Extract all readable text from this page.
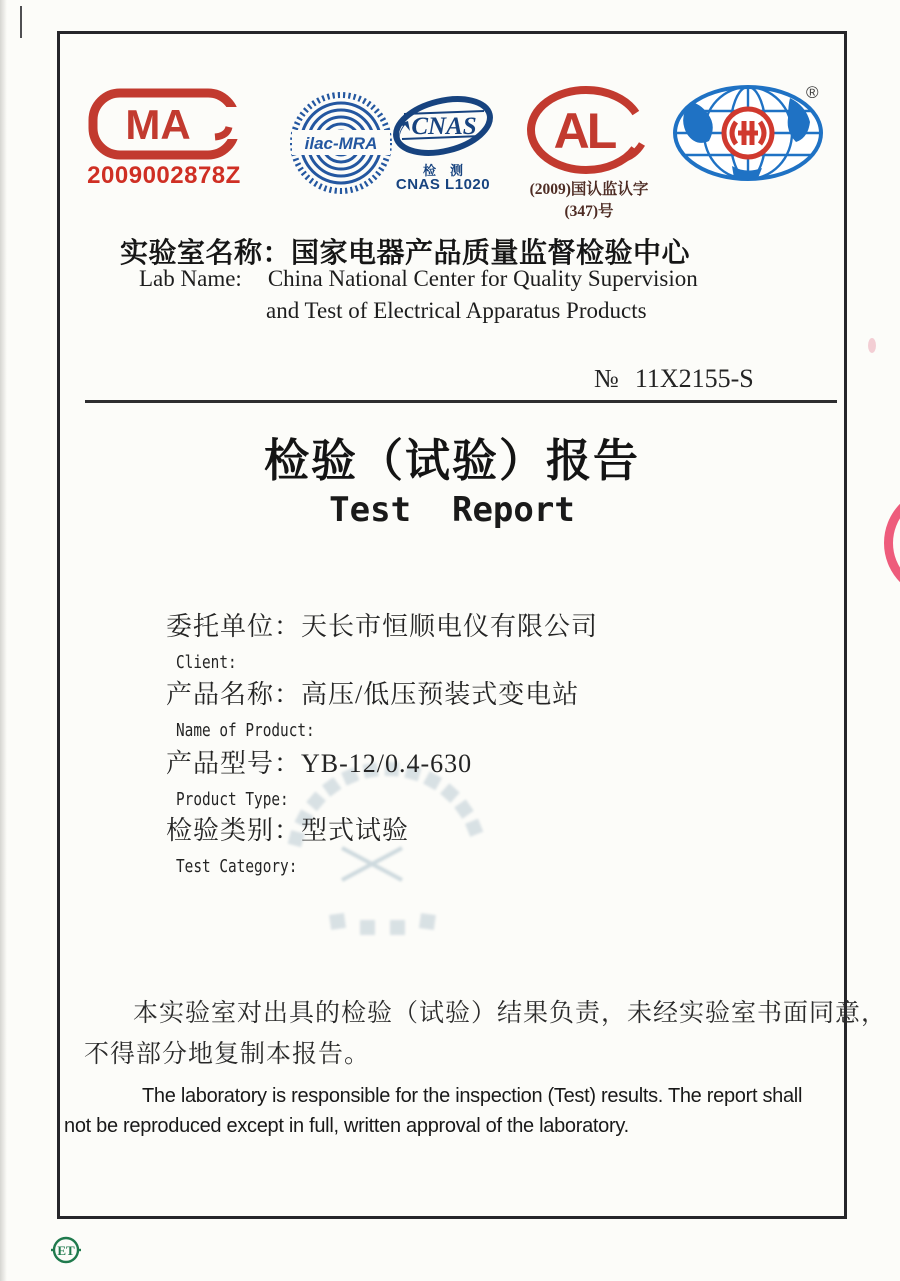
MA
2009002878Z
ilac-MRA
CNAS
检测
CNAS L1020
AL
(2009)国认监认字(347)号
®
实验室名称：国家电器产品质量监督检验中心
Lab Name: China National Center for Quality Supervision
and Test of Electrical Apparatus Products
№ 11X2155-S
检验（试验）报告
Test  Report
委托单位：天长市恒顺电仪有限公司
Client:
产品名称：高压/低压预装式变电站
Name of Product:
产品型号：YB-12/0.4-630
Product Type:
检验类别：型式试验
Test Category:
本实验室对出具的检验（试验）结果负责，未经实验室书面同意，
不得部分地复制本报告。
The laboratory is responsible for the inspection (Test) results. The report shall
not be reproduced except in full, written approval of the laboratory.
ET
